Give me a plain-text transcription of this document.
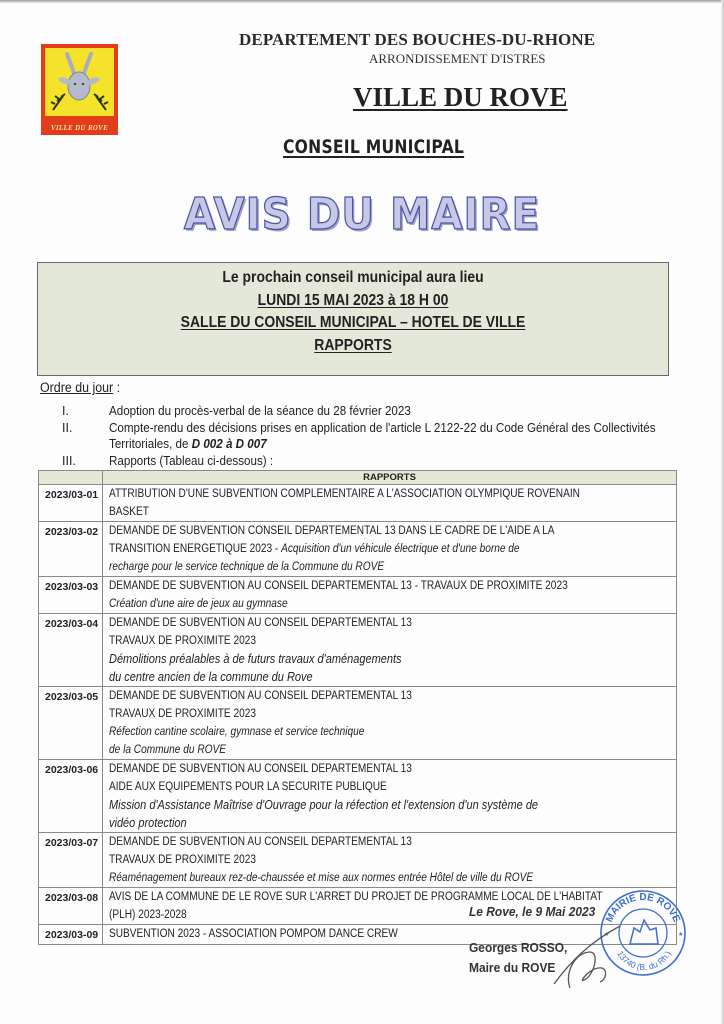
VILLE DU ROVE
DEPARTEMENT DES BOUCHES-DU-RHONE
ARRONDISSEMENT D'ISTRES
VILLE DU ROVE
CONSEIL MUNICIPAL
AVIS DU MAIRE
Le prochain conseil municipal aura lieu
LUNDI 15 MAI 2023 à 18 H 00
SALLE DU CONSEIL MUNICIPAL – HOTEL DE VILLE
RAPPORTS
Ordre du jour :
I.	Adoption du procès-verbal de la séance du 28 février 2023
II.	Compte-rendu des décisions prises en application de l'article L 2122-22 du Code Général des Collectivités
Territoriales, de D 002 à D 007
III.	Rapports (Tableau ci-dessous) :
	RAPPORTS
2023/03-01	ATTRIBUTION D'UNE SUBVENTION COMPLEMENTAIRE A L'ASSOCIATION OLYMPIQUE ROVENAIN
BASKET

2023/03-02	DEMANDE DE SUBVENTION CONSEIL DEPARTEMENTAL 13 DANS LE CADRE DE L'AIDE A LA
TRANSITION ENERGETIQUE 2023 - Acquisition d'un véhicule électrique et d'une borne de
recharge pour le service technique de la Commune du ROVE

2023/03-03	DEMANDE DE SUBVENTION AU CONSEIL DEPARTEMENTAL 13 - TRAVAUX DE PROXIMITE 2023
Création d'une aire de jeux au gymnase

2023/03-04	DEMANDE DE SUBVENTION AU CONSEIL DEPARTEMENTAL 13
TRAVAUX DE PROXIMITE 2023
Démolitions préalables à de futurs travaux d'aménagements
du centre ancien de la commune du Rove

2023/03-05	DEMANDE DE SUBVENTION AU CONSEIL DEPARTEMENTAL 13
TRAVAUX DE PROXIMITE 2023
Réfection cantine scolaire, gymnase et service technique
de la Commune du ROVE

2023/03-06	DEMANDE DE SUBVENTION AU CONSEIL DEPARTEMENTAL 13
AIDE AUX EQUIPEMENTS POUR LA SECURITE PUBLIQUE
Mission d'Assistance Maîtrise d'Ouvrage pour la réfection et l'extension d'un système de
vidéo protection

2023/03-07	DEMANDE DE SUBVENTION AU CONSEIL DEPARTEMENTAL 13
TRAVAUX DE PROXIMITE 2023
Réaménagement bureaux rez-de-chaussée et mise aux normes entrée Hôtel de ville du ROVE

2023/03-08	AVIS DE LA COMMUNE DE LE ROVE SUR L'ARRET DU PROJET DE PROGRAMME LOCAL DE L'HABITAT
(PLH) 2023-2028

2023/03-09	SUBVENTION 2023 - ASSOCIATION POMPOM DANCE CREW
Le Rove, le 9 Mai 2023
Georges ROSSO,
Maire du ROVE
MAIRIE DE ROVE
13740 (B. du Rh.)
★	★
